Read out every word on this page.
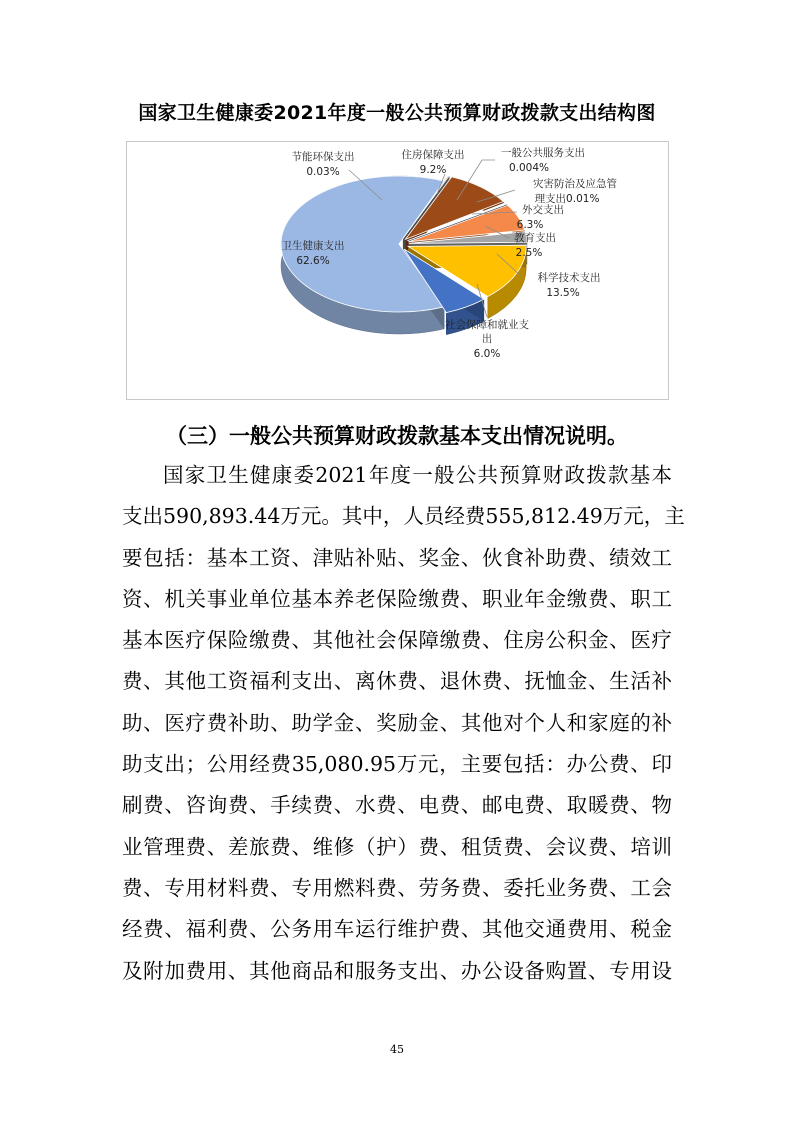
国家卫生健康委2021年度一般公共预算财政拨款支出结构图
节能环保支出
0.03%
住房保障支出
9.2%
一般公共服务支出
0.004%
灾害防治及应急管
理支出0.01%
外交支出
6.3%
教育支出
2.5%
科学技术支出
13.5%
社会保障和就业支
出
6.0%
卫生健康支出
62.6%
（三）一般公共预算财政拨款基本支出情况说明。
国家卫生健康委2021年度一般公共预算财政拨款基本
支出590,893.44万元。其中，人员经费555,812.49万元，主
要包括：基本工资、津贴补贴、奖金、伙食补助费、绩效工
资、机关事业单位基本养老保险缴费、职业年金缴费、职工
基本医疗保险缴费、其他社会保障缴费、住房公积金、医疗
费、其他工资福利支出、离休费、退休费、抚恤金、生活补
助、医疗费补助、助学金、奖励金、其他对个人和家庭的补
助支出；公用经费35,080.95万元，主要包括：办公费、印
刷费、咨询费、手续费、水费、电费、邮电费、取暖费、物
业管理费、差旅费、维修（护）费、租赁费、会议费、培训
费、专用材料费、专用燃料费、劳务费、委托业务费、工会
经费、福利费、公务用车运行维护费、其他交通费用、税金
及附加费用、其他商品和服务支出、办公设备购置、专用设
45
